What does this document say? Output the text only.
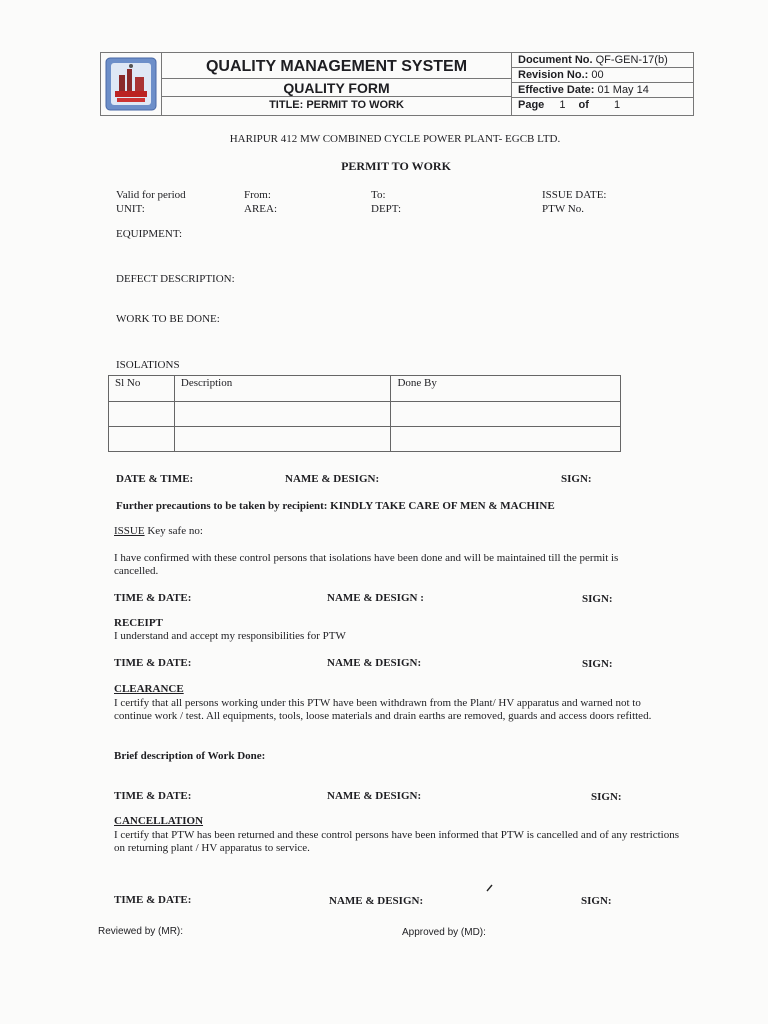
QUALITY MANAGEMENT SYSTEM
QUALITY FORM
TITLE: PERMIT TO WORK
Document No. QF-GEN-17(b)
Revision No.: 00
Effective Date: 01 May 14
Page 1 of 1
HARIPUR 412 MW COMBINED CYCLE POWER PLANT- EGCB LTD.
PERMIT TO WORK
Valid for period	From:	To:	ISSUE DATE:
UNIT:	AREA:	DEPT:	PTW No.
EQUIPMENT:
DEFECT DESCRIPTION:
WORK TO BE DONE:
ISOLATIONS
Sl No	Description	Done By

DATE & TIME:	NAME & DESIGN:	SIGN:
Further precautions to be taken by recipient: KINDLY TAKE CARE OF MEN & MACHINE
ISSUE Key safe no:
I have confirmed with these control persons that isolations have been done and will be maintained till the permit is cancelled.
TIME & DATE:	NAME & DESIGN :	SIGN:
RECEIPT
I understand and accept my responsibilities for PTW
TIME & DATE:	NAME & DESIGN:	SIGN:
CLEARANCE
I certify that all persons working under this PTW have been withdrawn from the Plant/ HV apparatus and warned not to continue work / test. All equipments, tools, loose materials and drain earths are removed, guards and access doors refitted.
Brief description of Work Done:
TIME & DATE:	NAME & DESIGN:	SIGN:
CANCELLATION
I certify that PTW has been returned and these control persons have been informed that PTW is cancelled and of any restrictions on returning plant / HV apparatus to service.
TIME & DATE:	NAME & DESIGN:	SIGN:
Reviewed by (MR):	Approved by (MD):
